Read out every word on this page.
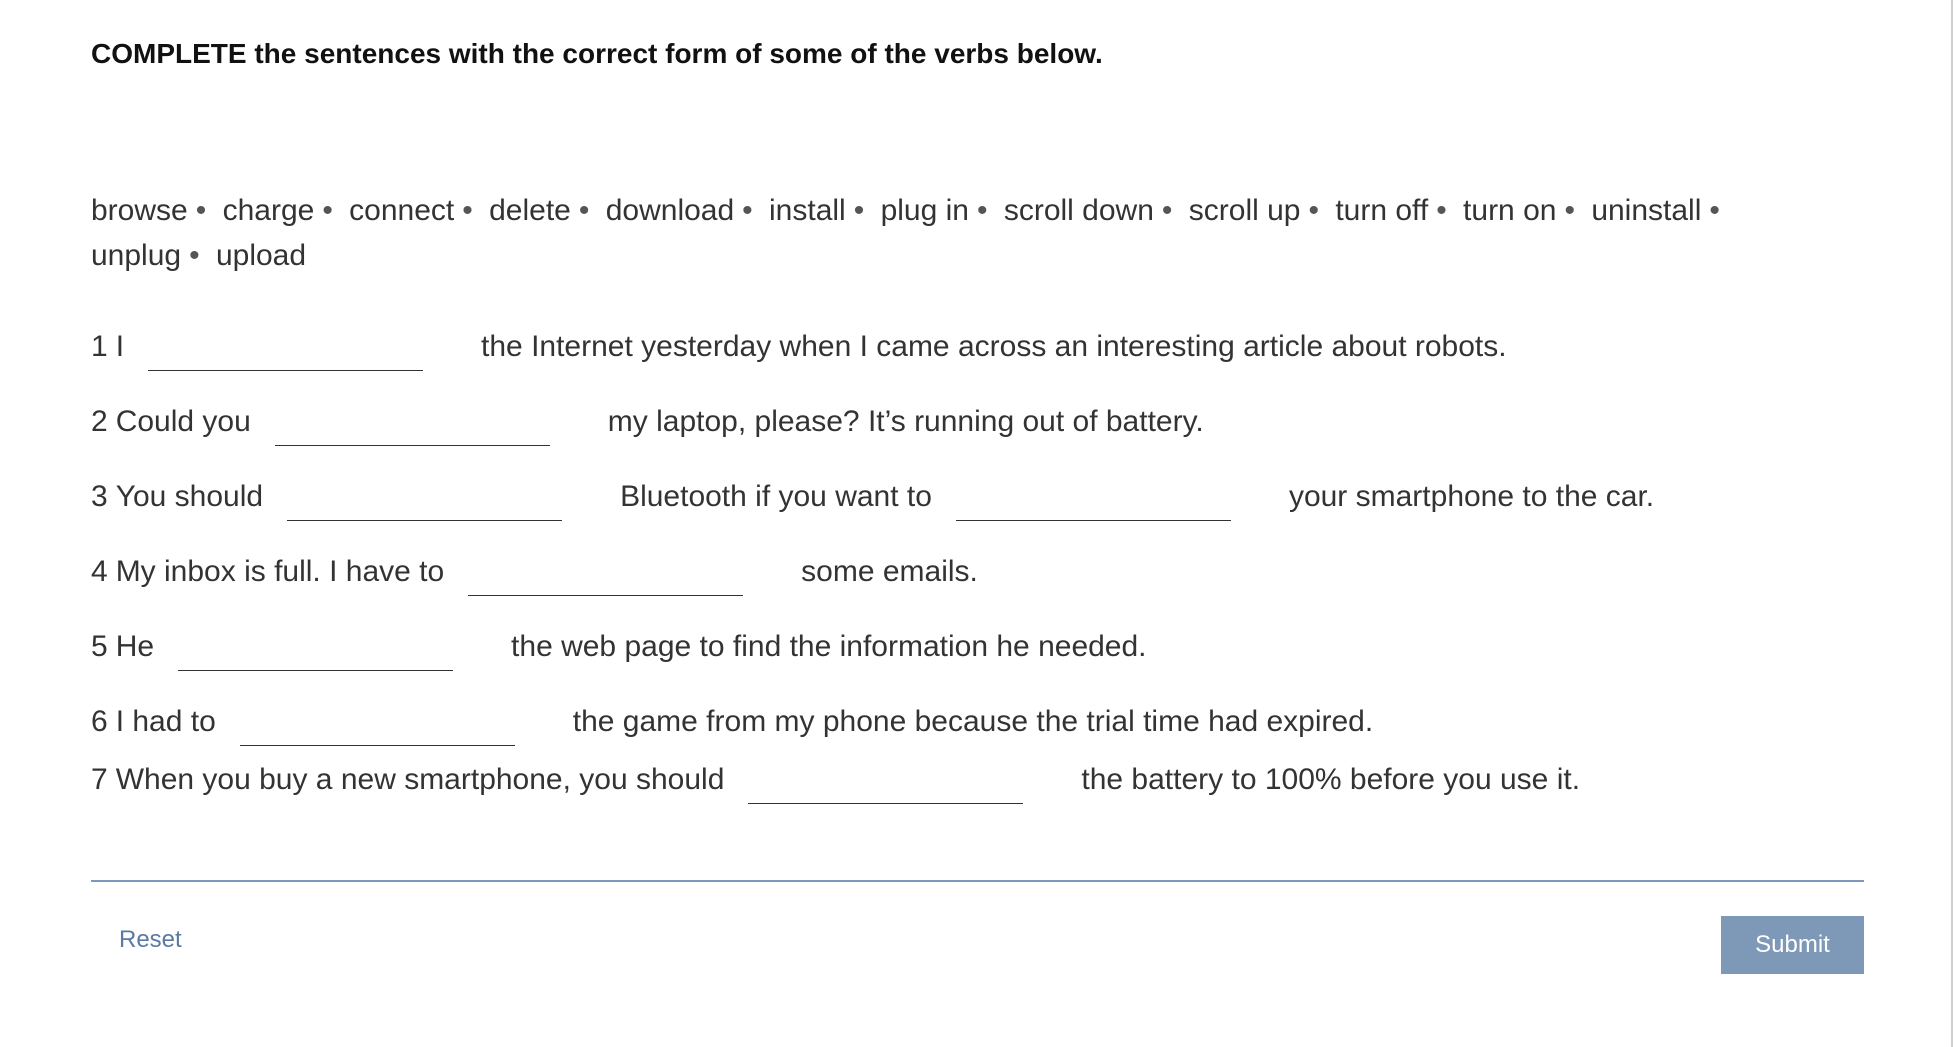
COMPLETE the sentences with the correct form of some of the verbs below.
browse • charge • connect • delete • download • install • plug in • scroll down • scroll up • turn off • turn on • uninstall • unplug • upload
1 I	the Internet yesterday when I came across an interesting article about robots.
2 Could you	my laptop, please? It’s running out of battery.
3 You should	Bluetooth if you want to	your smartphone to the car.
4 My inbox is full. I have to	some emails.
5 He	the web page to find the information he needed.
6 I had to	the game from my phone because the trial time had expired.
7 When you buy a new smartphone, you should	the battery to 100% before you use it.
Reset	Submit
